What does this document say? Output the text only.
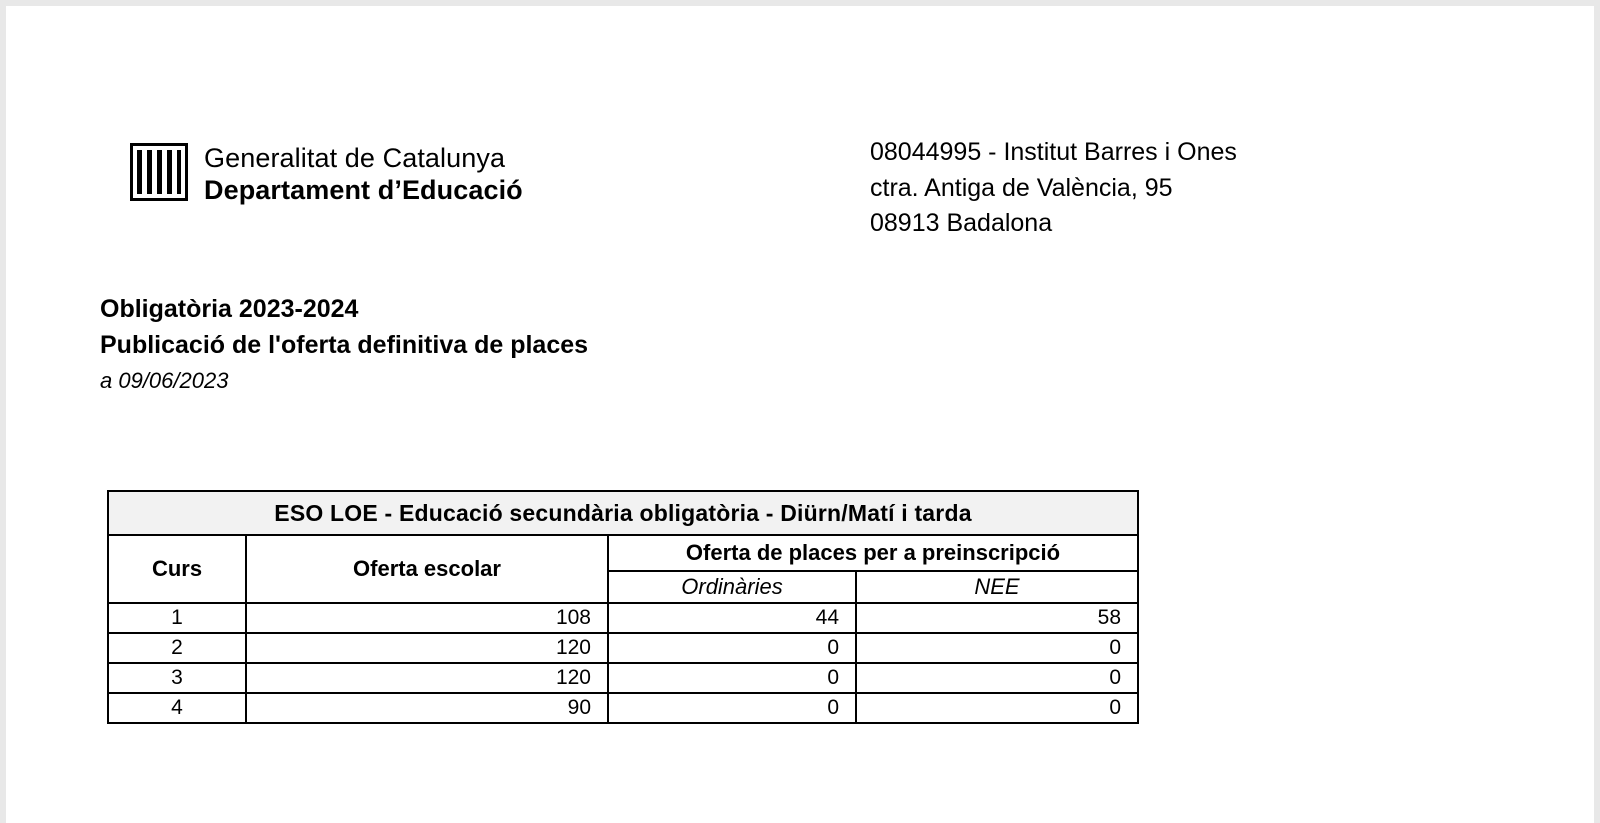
Generalitat de Catalunya
Departament d’Educació
08044995 - Institut Barres i Ones
ctra. Antiga de València, 95
08913 Badalona
Obligatòria 2023-2024
Publicació de l'oferta definitiva de places
a 09/06/2023
ESO LOE - Educació secundària obligatòria - Diürn/Matí i tarda			
Curs	Oferta escolar	Oferta de places per a preinscripció	
		Ordinàries	NEE
1	108	44	58
2	120	0	0
3	120	0	0
4	90	0	0
